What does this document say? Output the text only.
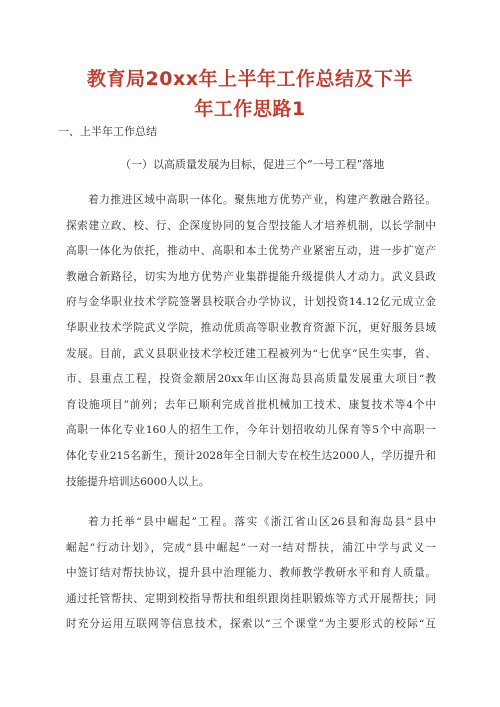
教育局20xx年上半年工作总结及下半
年工作思路1
一、上半年工作总结
（一）以高质量发展为目标，促进三个“一号工程”落地
着力推进区域中高职一体化。聚焦地方优势产业，构建产教融合路径。
探索建立政、校、行、企深度协同的复合型技能人才培养机制，以长学制中
高职一体化为依托，推动中、高职和本土优势产业紧密互动，进一步扩宽产
教融合新路径，切实为地方优势产业集群提能升级提供人才动力。武义县政
府与金华职业技术学院签署县校联合办学协议，计划投资14.12亿元成立金
华职业技术学院武义学院，推动优质高等职业教育资源下沉，更好服务县域
发展。目前，武义县职业技术学校迁建工程被列为“七优享”民生实事，省、
市、县重点工程，投资金额居20xx年山区海岛县高质量发展重大项目“教
育设施项目”前列；去年已顺利完成首批机械加工技术、康复技术等4个中
高职一体化专业160人的招生工作，今年计划招收幼儿保育等5个中高职一
体化专业215名新生，预计2028年全日制大专在校生达2000人，学历提升和
技能提升培训达6000人以上。
着力托举“县中崛起”工程。落实《浙江省山区26县和海岛县“县中
崛起”行动计划》，完成“县中崛起”一对一结对帮扶，浦江中学与武义一
中签订结对帮扶协议，提升县中治理能力、教师教学教研水平和育人质量。
通过托管帮扶、定期到校指导帮扶和组织跟岗挂职锻炼等方式开展帮扶；同
时充分运用互联网等信息技术，探索以“三个课堂”为主要形式的校际“互
